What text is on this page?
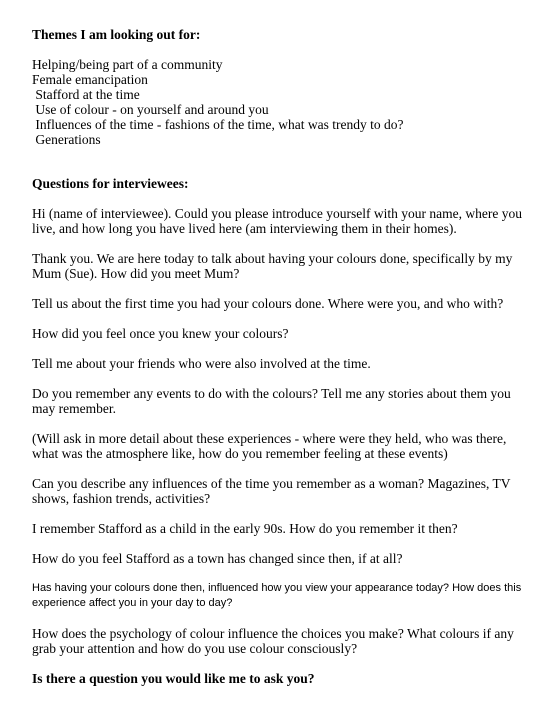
Themes I am looking out for:

Helping/being part of a community
Female emancipation
Stafford at the time
Use of colour - on yourself and around you
Influences of the time - fashions of the time, what was trendy to do?
Generations

Questions for interviewees:

Hi (name of interviewee). Could you please introduce yourself with your name, where you live, and how long you have lived here (am interviewing them in their homes).

Thank you. We are here today to talk about having your colours done, specifically by my Mum (Sue). How did you meet Mum?

Tell us about the first time you had your colours done. Where were you, and who with?

How did you feel once you knew your colours?

Tell me about your friends who were also involved at the time.

Do you remember any events to do with the colours? Tell me any stories about them you may remember.

(Will ask in more detail about these experiences - where were they held, who was there, what was the atmosphere like, how do you remember feeling at these events)

Can you describe any influences of the time you remember as a woman? Magazines, TV shows, fashion trends, activities?

I remember Stafford as a child in the early 90s. How do you remember it then?

How do you feel Stafford as a town has changed since then, if at all?

Has having your colours done then, influenced how you view your appearance today? How does this experience affect you in your day to day?

How does the psychology of colour influence the choices you make? What colours if any grab your attention and how do you use colour consciously?

Is there a question you would like me to ask you?
